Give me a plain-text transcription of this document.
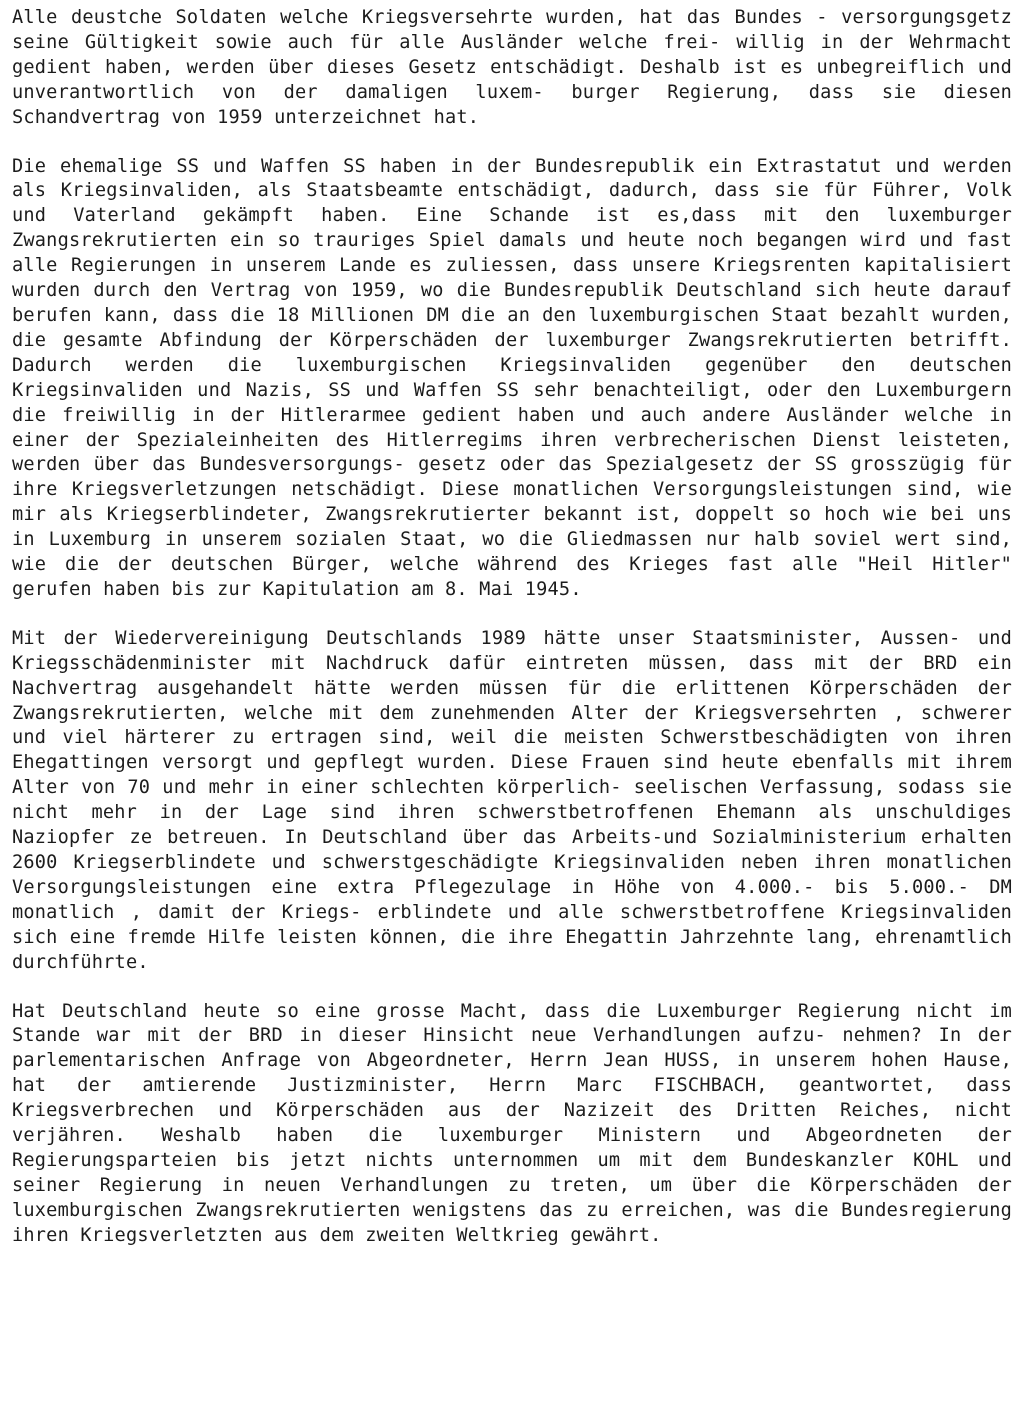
Alle deustche Soldaten welche Kriegsversehrte wurden, hat das Bundes - versorgungsgetz seine Gültigkeit sowie auch für alle Ausländer welche frei- willig in der Wehrmacht gedient haben, werden über dieses Gesetz entschädigt. Deshalb ist es unbegreiflich und unverantwortlich von der damaligen luxem- burger Regierung, dass sie diesen Schandvertrag von 1959 unterzeichnet hat.

Die ehemalige SS und Waffen SS haben in der Bundesrepublik ein Extrastatut und werden als Kriegsinvaliden, als Staatsbeamte entschädigt, dadurch, dass sie für Führer, Volk und Vaterland gekämpft haben. Eine Schande ist es,dass mit den luxemburger Zwangsrekrutierten ein so trauriges Spiel damals und heute noch begangen wird und fast alle Regierungen in unserem Lande es zuliessen, dass unsere Kriegsrenten kapitalisiert wurden durch den Vertrag von 1959, wo die Bundesrepublik Deutschland sich heute darauf berufen kann, dass die 18 Millionen DM die an den luxemburgischen Staat bezahlt wurden, die gesamte Abfindung der Körperschäden der luxemburger Zwangsrekrutierten betrifft. Dadurch werden die luxemburgischen Kriegsinvaliden gegenüber den deutschen Kriegsinvaliden und Nazis, SS und Waffen SS sehr benachteiligt, oder den Luxemburgern die freiwillig in der Hitlerarmee gedient haben und auch andere Ausländer welche in einer der Spezialeinheiten des Hitlerregims ihren verbrecherischen Dienst leisteten, werden über das Bundesversorgungs- gesetz oder das Spezialgesetz der SS grosszügig für ihre Kriegsverletzungen netschädigt. Diese monatlichen Versorgungsleistungen sind, wie mir als Kriegserblindeter, Zwangsrekrutierter bekannt ist, doppelt so hoch wie bei uns in Luxemburg in unserem sozialen Staat, wo die Gliedmassen nur halb soviel wert sind, wie die der deutschen Bürger, welche während des Krieges fast alle "Heil Hitler" gerufen haben bis zur Kapitulation am 8. Mai 1945.

Mit der Wiedervereinigung Deutschlands 1989 hätte unser Staatsminister, Aussen- und Kriegsschädenminister mit Nachdruck dafür eintreten müssen, dass mit der BRD ein Nachvertrag ausgehandelt hätte werden müssen für die erlittenen Körperschäden der Zwangsrekrutierten, welche mit dem zunehmenden Alter der Kriegsversehrten , schwerer und viel härterer zu ertragen sind, weil die meisten Schwerstbeschädigten von ihren Ehegattingen versorgt und gepflegt wurden. Diese Frauen sind heute ebenfalls mit ihrem Alter von 70 und mehr in einer schlechten körperlich- seelischen Verfassung, sodass sie nicht mehr in der Lage sind ihren schwerstbetroffenen Ehemann als unschuldiges Naziopfer ze betreuen. In Deutschland über das Arbeits-und Sozialministerium erhalten 2600 Kriegserblindete und schwerstgeschädigte Kriegsinvaliden neben ihren monatlichen Versorgungsleistungen eine extra Pflegezulage in Höhe von 4.000.- bis 5.000.- DM monatlich , damit der Kriegs- erblindete und alle schwerstbetroffene Kriegsinvaliden sich eine fremde Hilfe leisten können, die ihre Ehegattin Jahrzehnte lang, ehrenamtlich durchführte.

Hat Deutschland heute so eine grosse Macht, dass die Luxemburger Regierung nicht im Stande war mit der BRD in dieser Hinsicht neue Verhandlungen aufzu- nehmen? In der parlementarischen Anfrage von Abgeordneter, Herrn Jean HUSS, in unserem hohen Hause, hat der amtierende Justizminister, Herrn Marc FISCHBACH, geantwortet, dass Kriegsverbrechen und Körperschäden aus der Nazizeit des Dritten Reiches, nicht verjähren. Weshalb haben die luxemburger Ministern und Abgeordneten der Regierungsparteien bis jetzt nichts unternommen um mit dem Bundeskanzler KOHL und seiner Regierung in neuen Verhandlungen zu treten, um über die Körperschäden der luxemburgischen Zwangsrekrutierten wenigstens das zu erreichen, was die Bundesregierung ihren Kriegsverletzten aus dem zweiten Weltkrieg gewährt.
